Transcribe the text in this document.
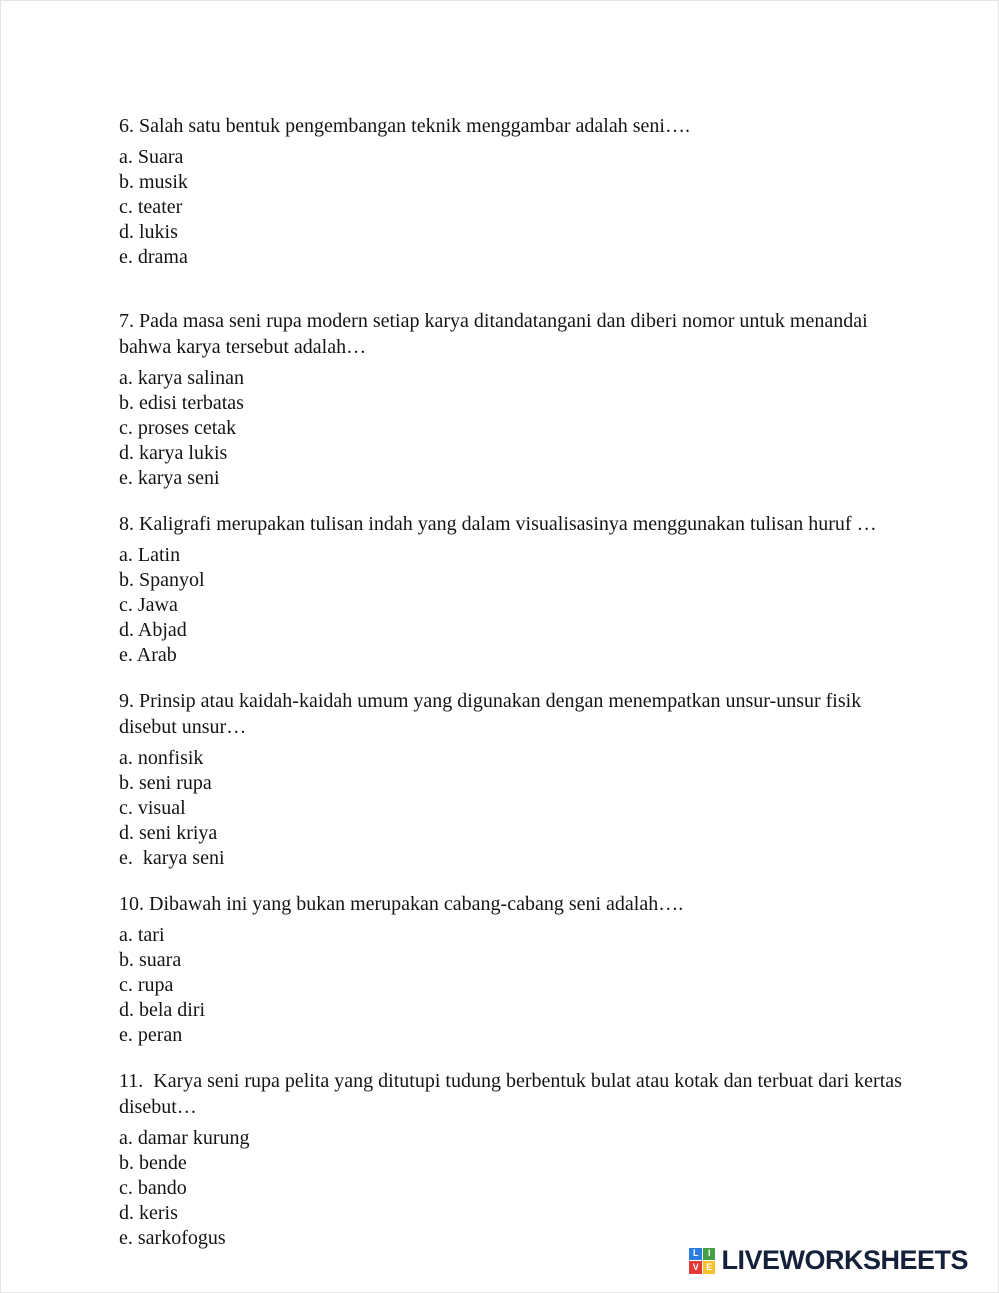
6. Salah satu bentuk pengembangan teknik menggambar adalah seni….

a. Suara
b. musik
c. teater
d. lukis
e. drama

7. Pada masa seni rupa modern setiap karya ditandatangani dan diberi nomor untuk menandai bahwa karya tersebut adalah…

a. karya salinan
b. edisi terbatas
c. proses cetak
d. karya lukis
e. karya seni

8. Kaligrafi merupakan tulisan indah yang dalam visualisasinya menggunakan tulisan huruf …

a. Latin
b. Spanyol
c. Jawa
d. Abjad
e. Arab

9. Prinsip atau kaidah-kaidah umum yang digunakan dengan menempatkan unsur-unsur fisik disebut unsur…

a. nonfisik
b. seni rupa
c. visual
d. seni kriya
e.  karya seni

10. Dibawah ini yang bukan merupakan cabang-cabang seni adalah….

a. tari
b. suara
c. rupa
d. bela diri
e. peran

11.  Karya seni rupa pelita yang ditutupi tudung berbentuk bulat atau kotak dan terbuat dari kertas disebut…

a. damar kurung
b. bende
c. bando
d. keris
e. sarkofogus
L	I
V E LIVEWORKSHEETS
